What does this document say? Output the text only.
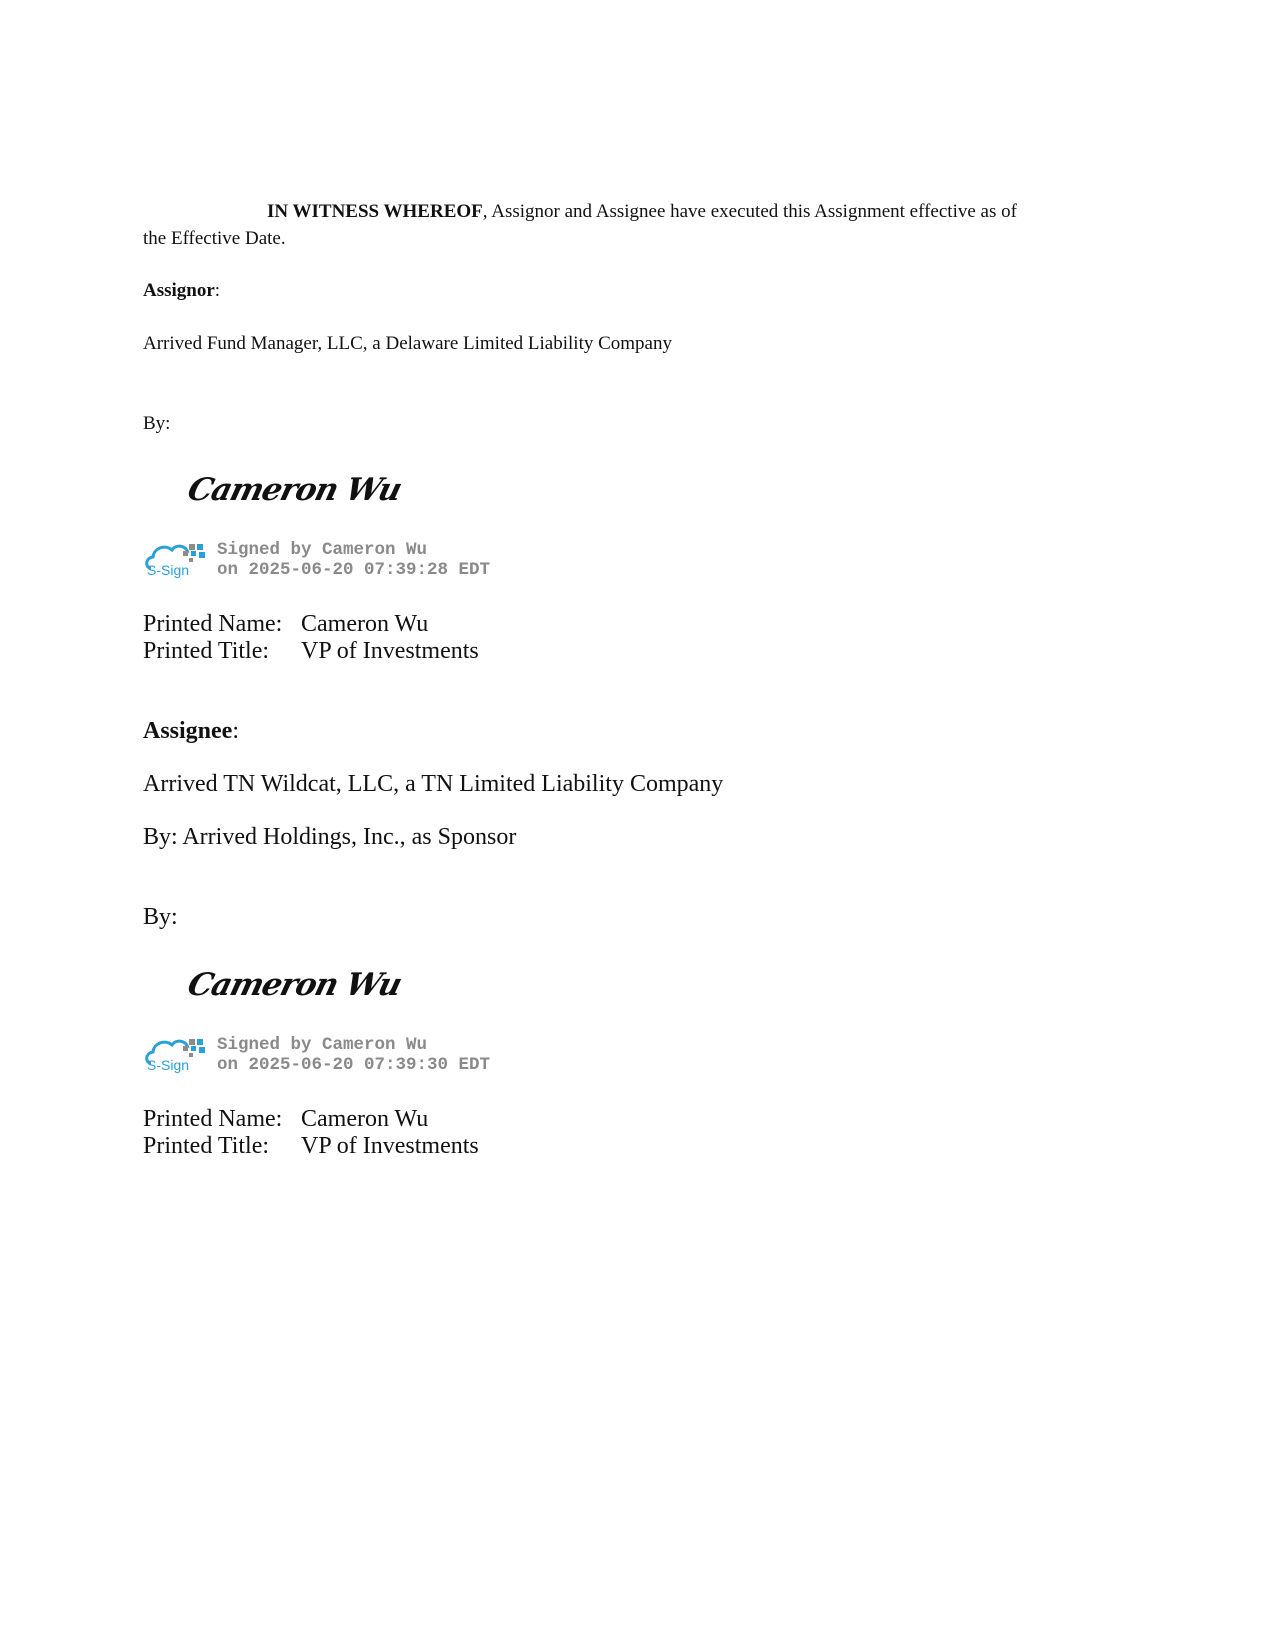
IN WITNESS WHEREOF, Assignor and Assignee have executed this Assignment effective as of
the Effective Date.
Assignor:
Arrived Fund Manager, LLC, a Delaware Limited Liability Company
By:
Cameron Wu
S-Sign
Signed by Cameron Wu
on 2025-06-20 07:39:28 EDT
Printed Name: Cameron Wu
Printed Title: VP of Investments
Assignee:
Arrived TN Wildcat, LLC, a TN Limited Liability Company
By: Arrived Holdings, Inc., as Sponsor
By:
Cameron Wu
S-Sign
Signed by Cameron Wu
on 2025-06-20 07:39:30 EDT
Printed Name: Cameron Wu
Printed Title: VP of Investments
